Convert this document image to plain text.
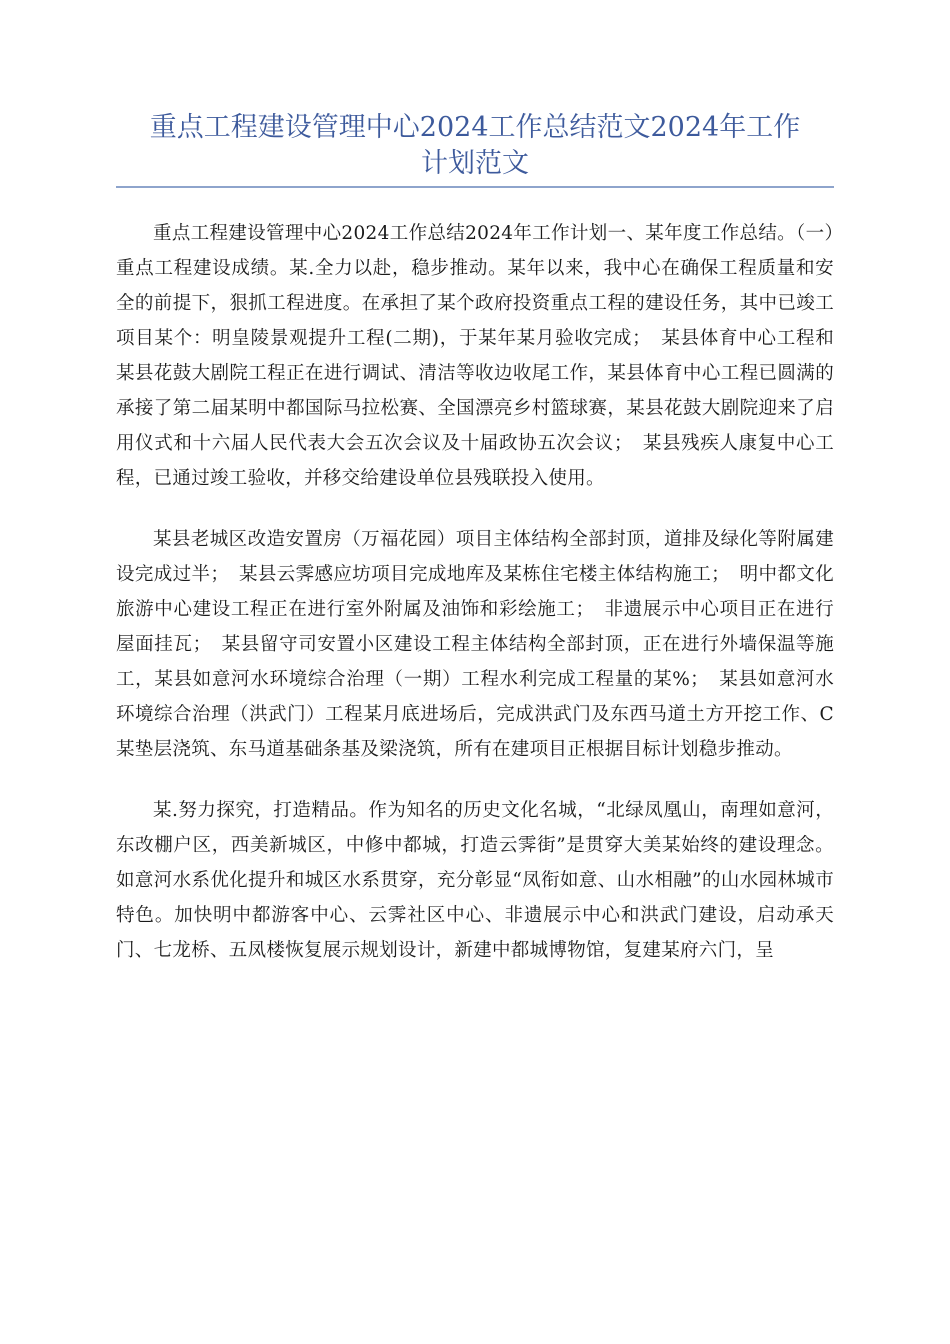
重点工程建设管理中心2024工作总结范文2024年工作
计划范文

重点工程建设管理中心2024工作总结2024年工作计划一、某年度工作总结。（一）重点工程建设成绩。某.全力以赴，稳步推动。某年以来，我中心在确保工程质量和安全的前提下，狠抓工程进度。在承担了某个政府投资重点工程的建设任务，其中已竣工项目某个：明皇陵景观提升工程(二期)，于某年某月验收完成；　某县体育中心工程和某县花鼓大剧院工程正在进行调试、清洁等收边收尾工作，某县体育中心工程已圆满的承接了第二届某明中都国际马拉松赛、全国漂亮乡村篮球赛，某县花鼓大剧院迎来了启用仪式和十六届人民代表大会五次会议及十届政协五次会议；　某县残疾人康复中心工程，已通过竣工验收，并移交给建设单位县残联投入使用。

某县老城区改造安置房（万福花园）项目主体结构全部封顶，道排及绿化等附属建设完成过半；　某县云霁感应坊项目完成地库及某栋住宅楼主体结构施工；　明中都文化旅游中心建设工程正在进行室外附属及油饰和彩绘施工；　非遗展示中心项目正在进行屋面挂瓦；　某县留守司安置小区建设工程主体结构全部封顶，正在进行外墙保温等施工，某县如意河水环境综合治理（一期）工程水利完成工程量的某%；　某县如意河水环境综合治理（洪武门）工程某月底进场后，完成洪武门及东西马道土方开挖工作、C某垫层浇筑、东马道基础条基及梁浇筑，所有在建项目正根据目标计划稳步推动。

某.努力探究，打造精品。作为知名的历史文化名城，“北绿凤凰山，南理如意河，东改棚户区，西美新城区，中修中都城，打造云霁街”是贯穿大美某始终的建设理念。如意河水系优化提升和城区水系贯穿，充分彰显“凤衔如意、山水相融”的山水园林城市特色。加快明中都游客中心、云霁社区中心、非遗展示中心和洪武门建设，启动承天门、七龙桥、五凤楼恢复展示规划设计，新建中都城博物馆，复建某府六门，呈
